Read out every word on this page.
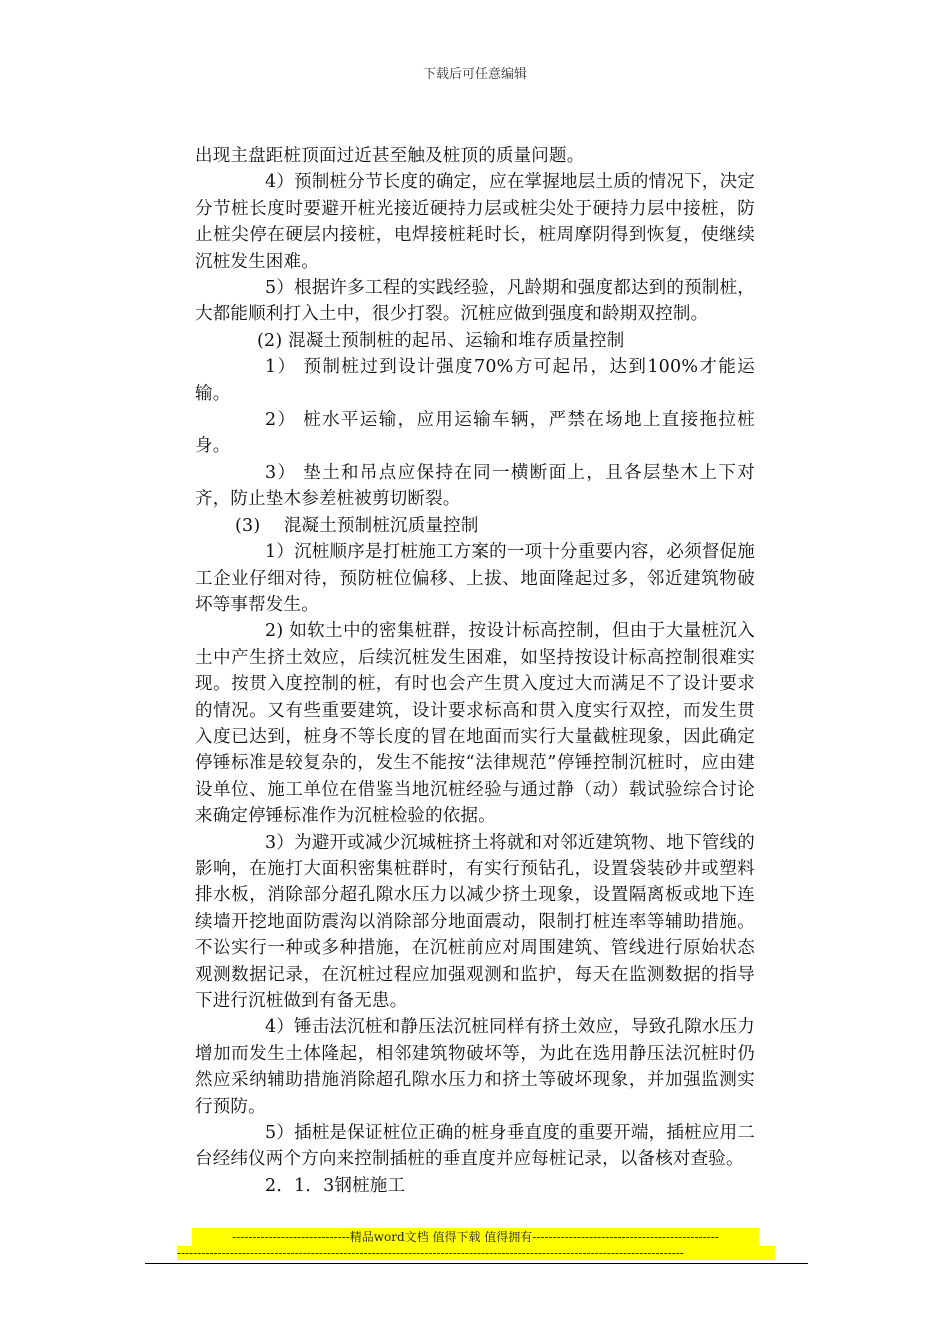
下载后可任意编辑

出现主盘距桩顶面过近甚至触及桩顶的质量问题。

4）预制桩分节长度的确定，应在掌握地层土质的情况下，决定分节桩长度时要避开桩光接近硬持力层或桩尖处于硬持力层中接桩，防止桩尖停在硬层内接桩，电焊接桩耗时长，桩周摩阴得到恢复，使继续沉桩发生困难。

5）根据许多工程的实践经验，凡龄期和强度都达到的预制桩，大都能顺利打入土中，很少打裂。沉桩应做到强度和龄期双控制。

(2) 混凝土预制桩的起吊、运输和堆存质量控制

1） 预制桩过到设计强度70%方可起吊，达到100%才能运输。

2） 桩水平运输，应用运输车辆，严禁在场地上直接拖拉桩身。

3） 垫土和吊点应保持在同一横断面上，且各层垫木上下对齐，防止垫木参差桩被剪切断裂。

(3)　 混凝土预制桩沉质量控制

1）沉桩顺序是打桩施工方案的一项十分重要内容，必须督促施工企业仔细对待，预防桩位偏移、上拔、地面隆起过多，邻近建筑物破坏等事帮发生。

2) 如软土中的密集桩群，按设计标高控制，但由于大量桩沉入土中产生挤土效应，后续沉桩发生困难，如坚持按设计标高控制很难实现。按贯入度控制的桩，有时也会产生贯入度过大而满足不了设计要求的情况。又有些重要建筑，设计要求标高和贯入度实行双控，而发生贯入度已达到，桩身不等长度的冒在地面而实行大量截桩现象，因此确定停锤标准是较复杂的，发生不能按“法律规范”停锤控制沉桩时，应由建设单位、施工单位在借鉴当地沉桩经验与通过静（动）载试验综合讨论来确定停锤标准作为沉桩检验的依据。

3）为避开或减少沉城桩挤土将就和对邻近建筑物、地下管线的影响，在施打大面积密集桩群时，有实行预钻孔，设置袋装砂井或塑料排水板，消除部分超孔隙水压力以减少挤土现象，设置隔离板或地下连续墙开挖地面防震沟以消除部分地面震动，限制打桩连率等辅助措施。不讼实行一种或多种措施，在沉桩前应对周围建筑、管线进行原始状态观测数据记录，在沉桩过程应加强观测和监护，每天在监测数据的指导下进行沉桩做到有备无患。

4）锤击法沉桩和静压法沉桩同样有挤土效应，导致孔隙水压力增加而发生土体隆起，相邻建筑物破坏等，为此在选用静压法沉桩时仍然应采纳辅助措施消除超孔隙水压力和挤土等破坏现象，并加强监测实行预防。

5）插桩是保证桩位正确的桩身垂直度的重要开端，插桩应用二台经纬仪两个方向来控制插桩的垂直度并应每桩记录，以备核对查验。

2．1．3钢桩施工

-----------------------------精品word文档 值得下载 值得拥有----------------------------------------------
-----------------------------------------------------------------------------------------------------------------------------
